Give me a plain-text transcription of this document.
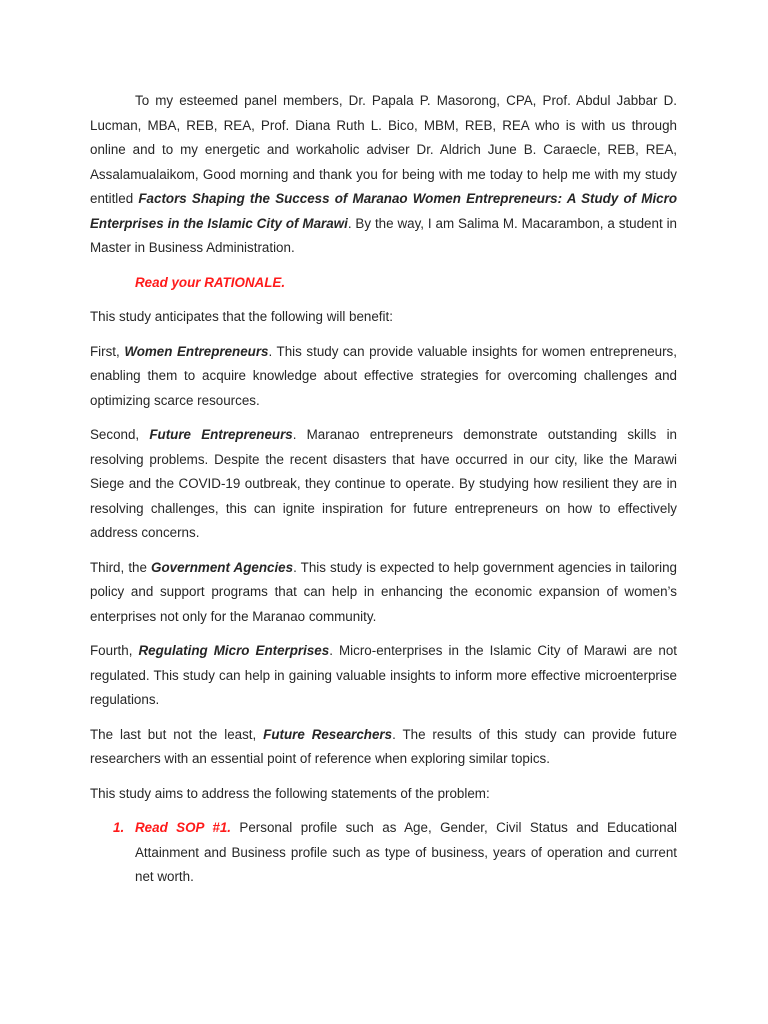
To my esteemed panel members, Dr. Papala P. Masorong, CPA, Prof. Abdul Jabbar D. Lucman, MBA, REB, REA, Prof. Diana Ruth L. Bico, MBM, REB, REA who is with us through online and to my energetic and workaholic adviser Dr. Aldrich June B. Caraecle, REB, REA, Assalamualaikom, Good morning and thank you for being with me today to help me with my study entitled Factors Shaping the Success of Maranao Women Entrepreneurs: A Study of Micro Enterprises in the Islamic City of Marawi. By the way, I am Salima M. Macarambon, a student in Master in Business Administration.

Read your RATIONALE.

This study anticipates that the following will benefit:

First, Women Entrepreneurs. This study can provide valuable insights for women entrepreneurs, enabling them to acquire knowledge about effective strategies for overcoming challenges and optimizing scarce resources.

Second, Future Entrepreneurs. Maranao entrepreneurs demonstrate outstanding skills in resolving problems. Despite the recent disasters that have occurred in our city, like the Marawi Siege and the COVID-19 outbreak, they continue to operate. By studying how resilient they are in resolving challenges, this can ignite inspiration for future entrepreneurs on how to effectively address concerns.

Third, the Government Agencies. This study is expected to help government agencies in tailoring policy and support programs that can help in enhancing the economic expansion of women’s enterprises not only for the Maranao community.

Fourth, Regulating Micro Enterprises. Micro-enterprises in the Islamic City of Marawi are not regulated. This study can help in gaining valuable insights to inform more effective microenterprise regulations.

The last but not the least, Future Researchers. The results of this study can provide future researchers with an essential point of reference when exploring similar topics.

This study aims to address the following statements of the problem:

1. Read SOP #1. Personal profile such as Age, Gender, Civil Status and Educational Attainment and Business profile such as type of business, years of operation and current net worth.
